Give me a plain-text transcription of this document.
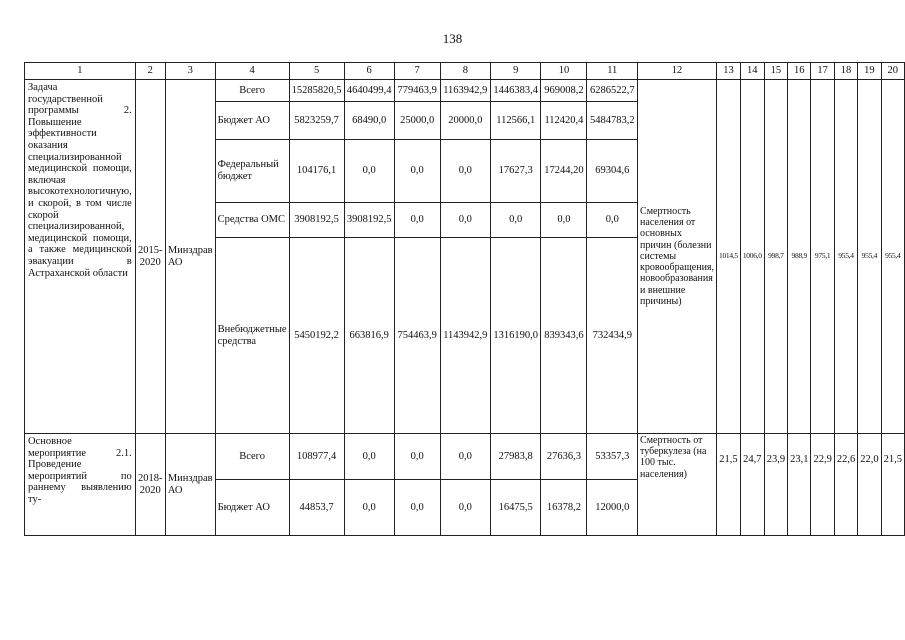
138
1	2	3	4	5	6	7	8	9	10	11	12	13	14	15	16	17	18	19	20
Задача государственной программы 2. Повышение эффективности оказания специализированной медицинской помощи, включая высокотехнологичную, и скорой, в том числе скорой специализированной, медицинской помощи, а также медицинской эвакуации в Астраханской области	2015-2020	Минздрав АО	Всего	15285820,5	4640499,4	779463,9	1163942,9	1446383,4	969008,2	6286522,7	Смертность населения от основных причин (болезни системы кровообращения, новообразования и внешние причины)	1014,5	1006,0	998,7	988,9	975,1	955,4	955,4	955,4
			Бюджет АО	5823259,7	68490,0	25000,0	20000,0	112566,1	112420,4	5484783,2									
			Федеральный бюджет	104176,1	0,0	0,0	0,0	17627,3	17244,20	69304,6									
			Средства ОМС	3908192,5	3908192,5	0,0	0,0	0,0	0,0	0,0									
			Внебюджетные средства	5450192,2	663816,9	754463,9	1143942,9	1316190,0	839343,6	732434,9									
Основное мероприятие 2.1. Проведение мероприятий по раннему выявлению ту-	2018-2020	Минздрав АО	Всего	108977,4	0,0	0,0	0,0	27983,8	27636,3	53357,3	Смертность от туберкулеза (на 100 тыс. населения)	21,5	24,7	23,9	23,1	22,9	22,6	22,0	21,5
			Бюджет АО	44853,7	0,0	0,0	0,0	16475,5	16378,2	12000,0									
